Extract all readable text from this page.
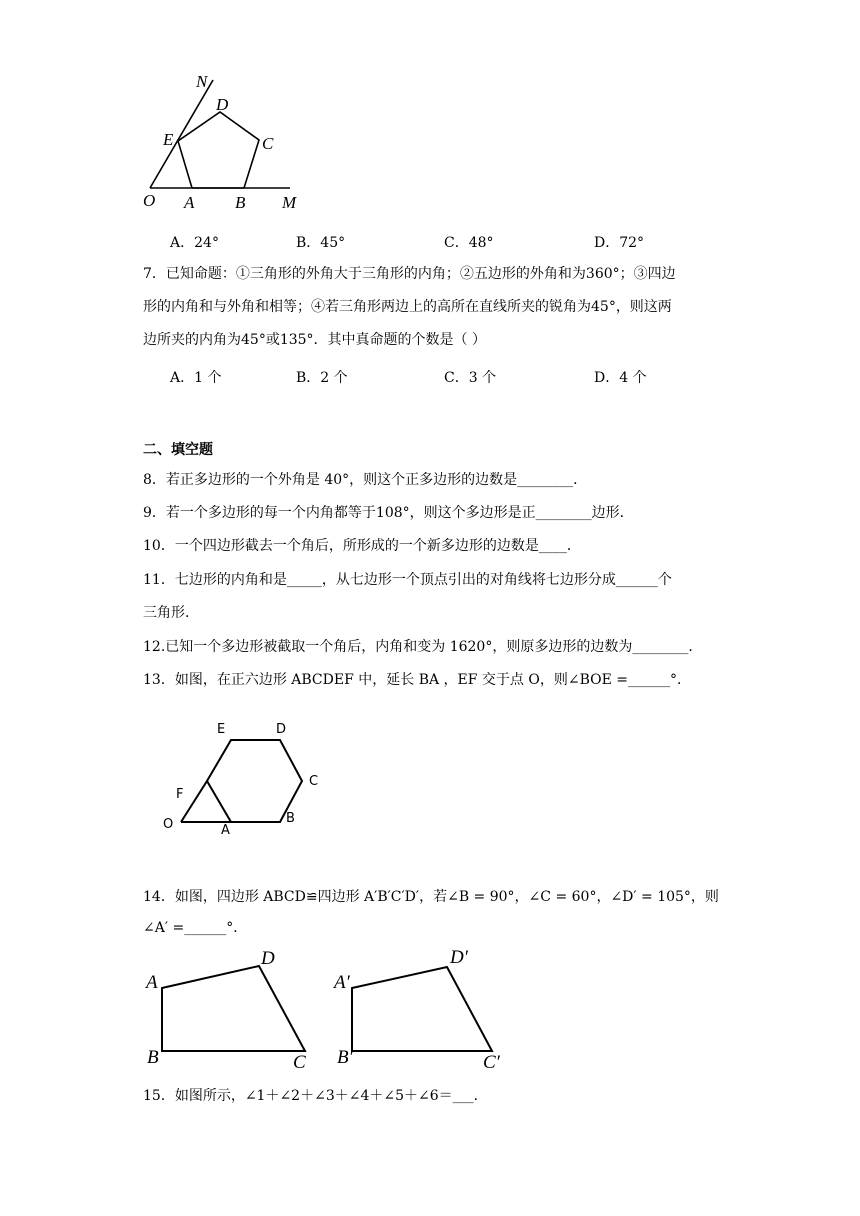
N
D
E	C
O A B M
A．24°	B．45°	C．48°	D．72°
7．已知命题：①三角形的外角大于三角形的内角；②五边形的外角和为360°；③四边
形的内角和与外角和相等；④若三角形两边上的高所在直线所夹的锐角为45°，则这两
边所夹的内角为45°或135°．其中真命题的个数是（ ）
A．1 个	B．2 个	C．3 个	D．4 个
二、填空题
8．若正多边形的一个外角是 40°，则这个正多边形的边数是________．
9．若一个多边形的每一个内角都等于108°，则这个多边形是正________边形．
10．一个四边形截去一个角后，所形成的一个新多边形的边数是____．
11．七边形的内角和是_____，从七边形一个顶点引出的对角线将七边形分成______个
三角形．
12.已知一个多边形被截取一个角后，内角和变为 1620°，则原多边形的边数为________．
13．如图，在正六边形 ABCDEF 中，延长 BA ，EF 交于点 O，则∠BOE =______°．
E	D
C
F
O	A
B
14．如图，四边形 ABCD≌四边形 A′B′C′D′，若∠B = 90°，∠C = 60°，∠D′ = 105°，则
∠A′ =______°．
A
B	C
D
A′
B′	C′
D′
15．如图所示，∠1＋∠2＋∠3＋∠4＋∠5＋∠6＝___．
